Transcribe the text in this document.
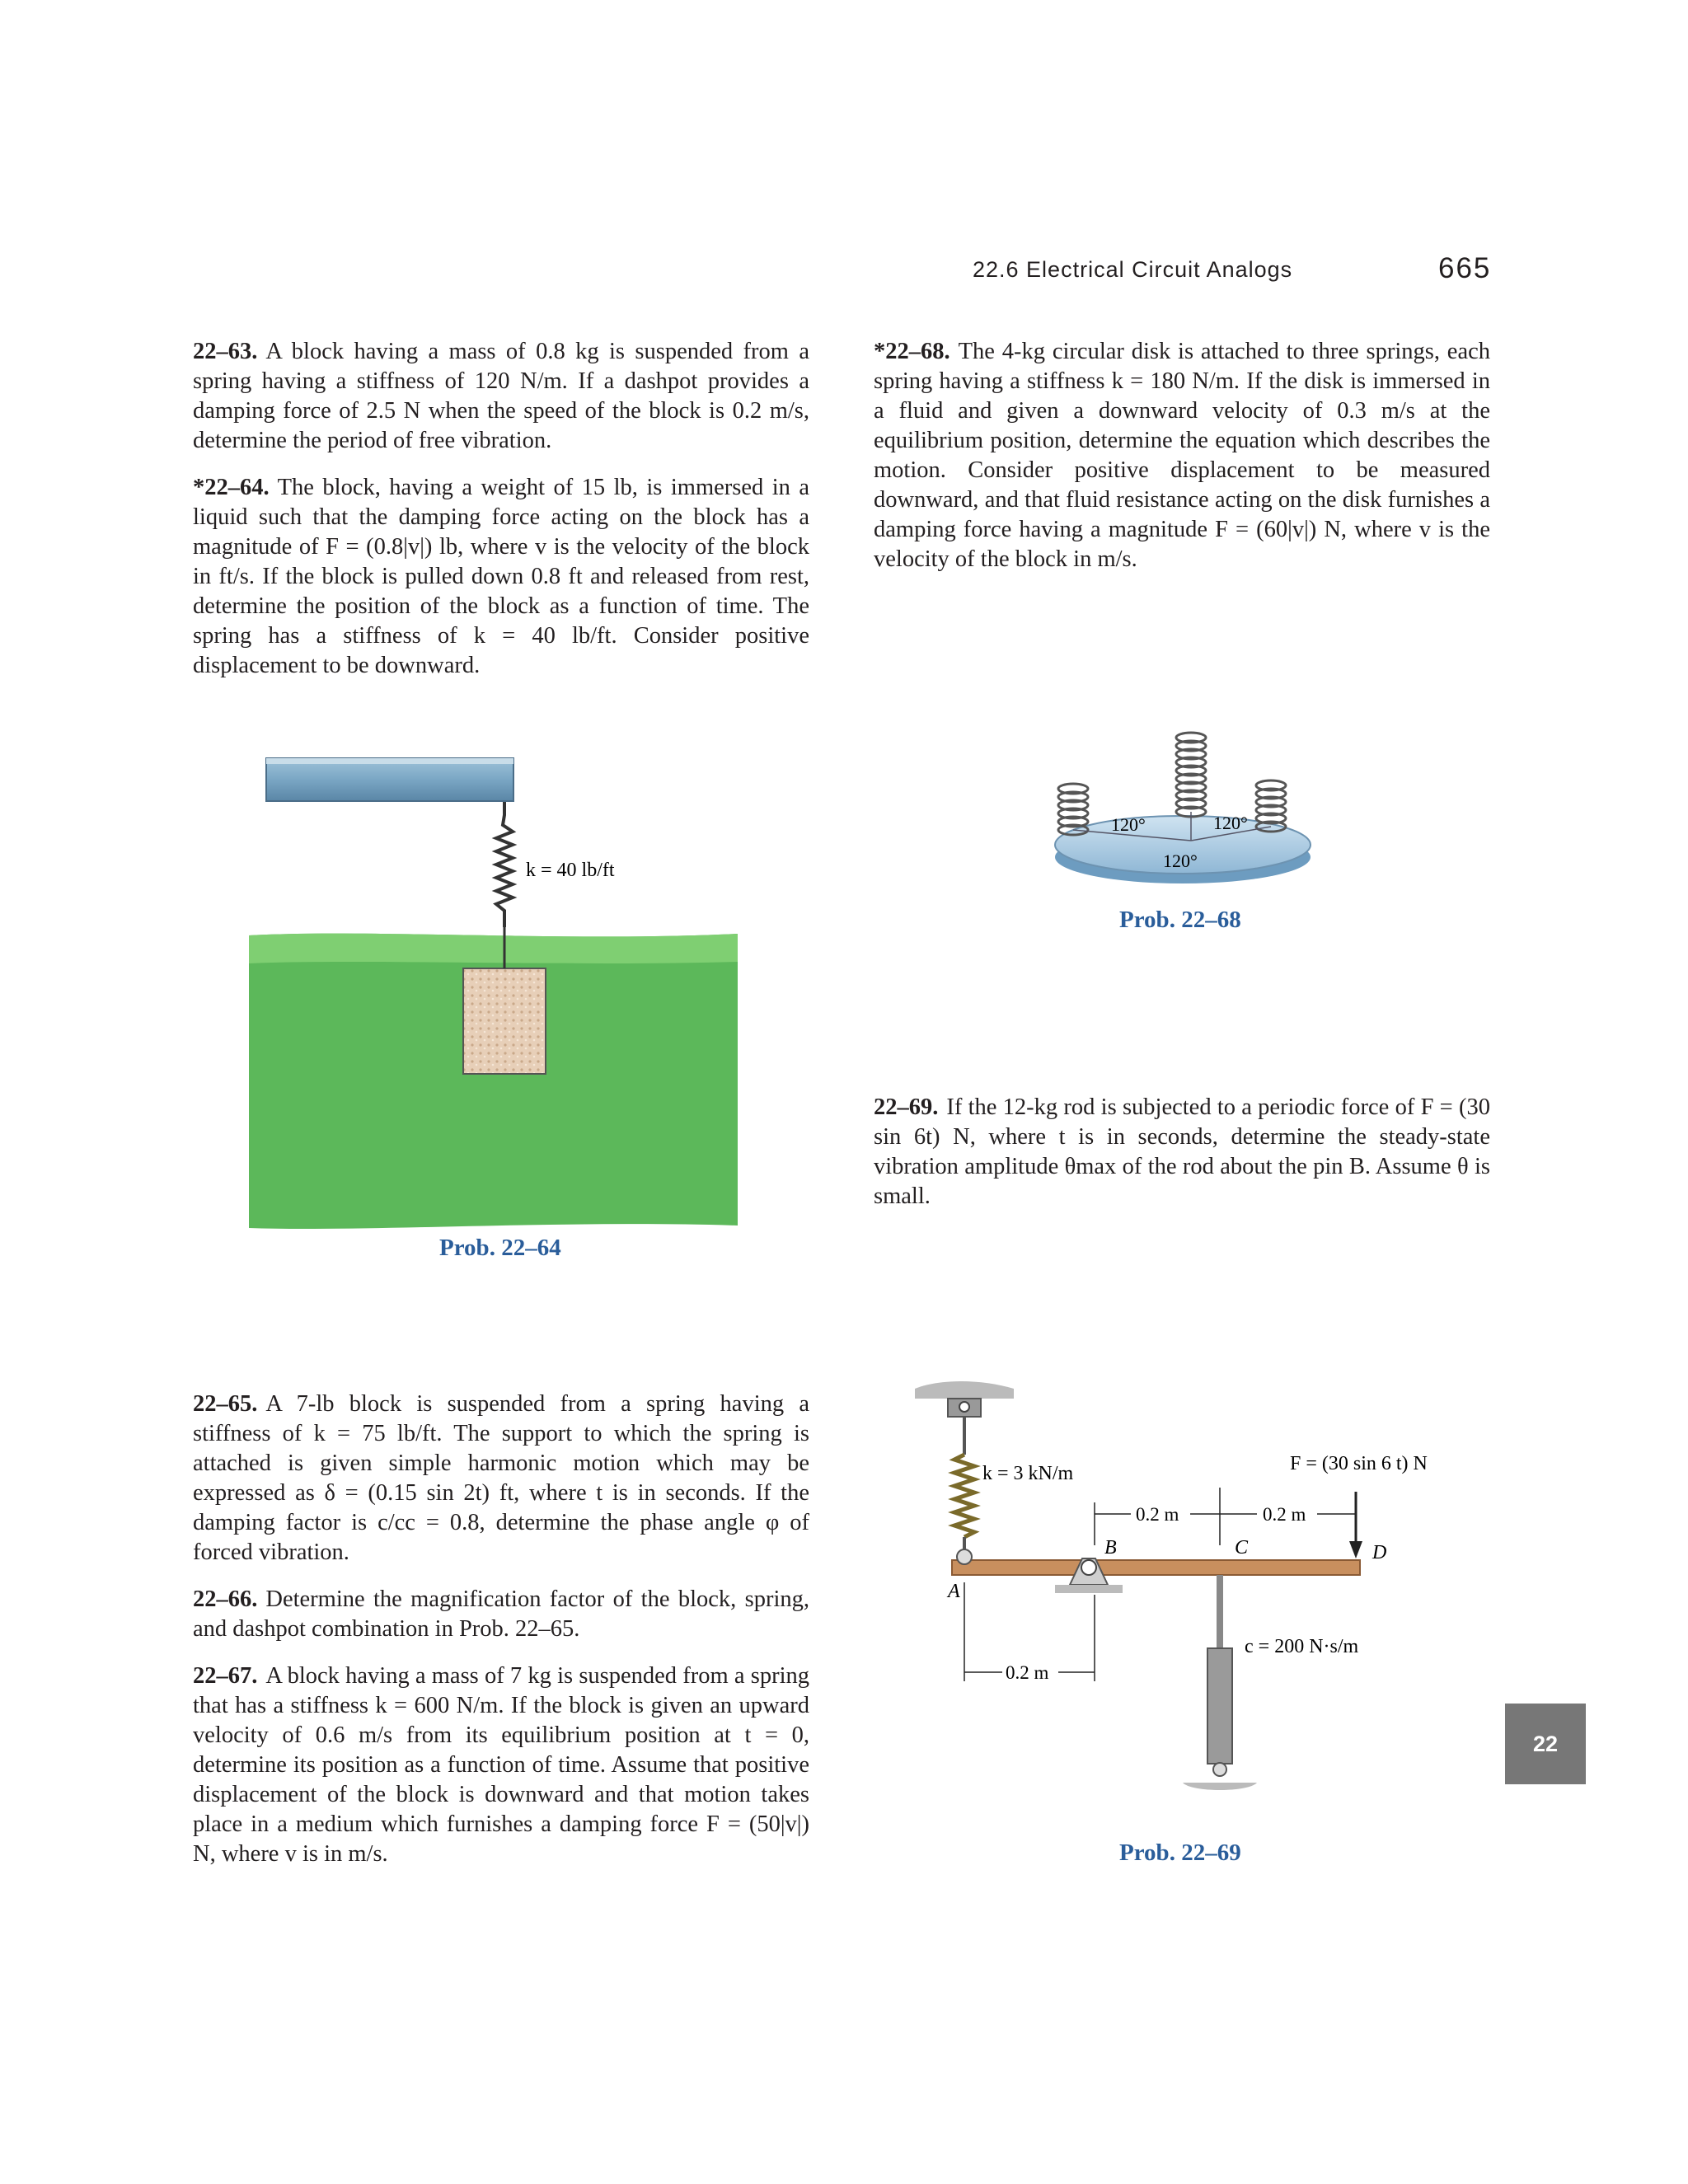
22.6 Electrical Circuit Analogs	665

22–63. A block having a mass of 0.8 kg is suspended from a spring having a stiffness of 120 N/m. If a dashpot provides a damping force of 2.5 N when the speed of the block is 0.2 m/s, determine the period of free vibration.

*22–64. The block, having a weight of 15 lb, is immersed in a liquid such that the damping force acting on the block has a magnitude of F = (0.8|v|) lb, where v is the velocity of the block in ft/s. If the block is pulled down 0.8 ft and released from rest, determine the position of the block as a function of time. The spring has a stiffness of k = 40 lb/ft. Consider positive displacement to be downward.

*22–68. The 4-kg circular disk is attached to three springs, each spring having a stiffness k = 180 N/m. If the disk is immersed in a fluid and given a downward velocity of 0.3 m/s at the equilibrium position, determine the equation which describes the motion. Consider positive displacement to be measured downward, and that fluid resistance acting on the disk furnishes a damping force having a magnitude F = (60|v|) N, where v is the velocity of the block in m/s.

k = 40 lb/ft
Prob. 22–64
120°	120°
120°
Prob. 22–68

22–69. If the 12-kg rod is subjected to a periodic force of F = (30 sin 6t) N, where t is in seconds, determine the steady-state vibration amplitude θmax of the rod about the pin B. Assume θ is small.

k = 3 kN/m
A
B
c = 200 N·s/m
C
F = (30 sin 6 t) N
D
0.2 m	0.2 m
0.2 m
Prob. 22–69

22–65. A 7-lb block is suspended from a spring having a stiffness of k = 75 lb/ft. The support to which the spring is attached is given simple harmonic motion which may be expressed as δ = (0.15 sin 2t) ft, where t is in seconds. If the damping factor is c/cc = 0.8, determine the phase angle φ of forced vibration.

22–66. Determine the magnification factor of the block, spring, and dashpot combination in Prob. 22–65.

22–67. A block having a mass of 7 kg is suspended from a spring that has a stiffness k = 600 N/m. If the block is given an upward velocity of 0.6 m/s from its equilibrium position at t = 0, determine its position as a function of time. Assume that positive displacement of the block is downward and that motion takes place in a medium which furnishes a damping force F = (50|v|) N, where v is in m/s.

22
